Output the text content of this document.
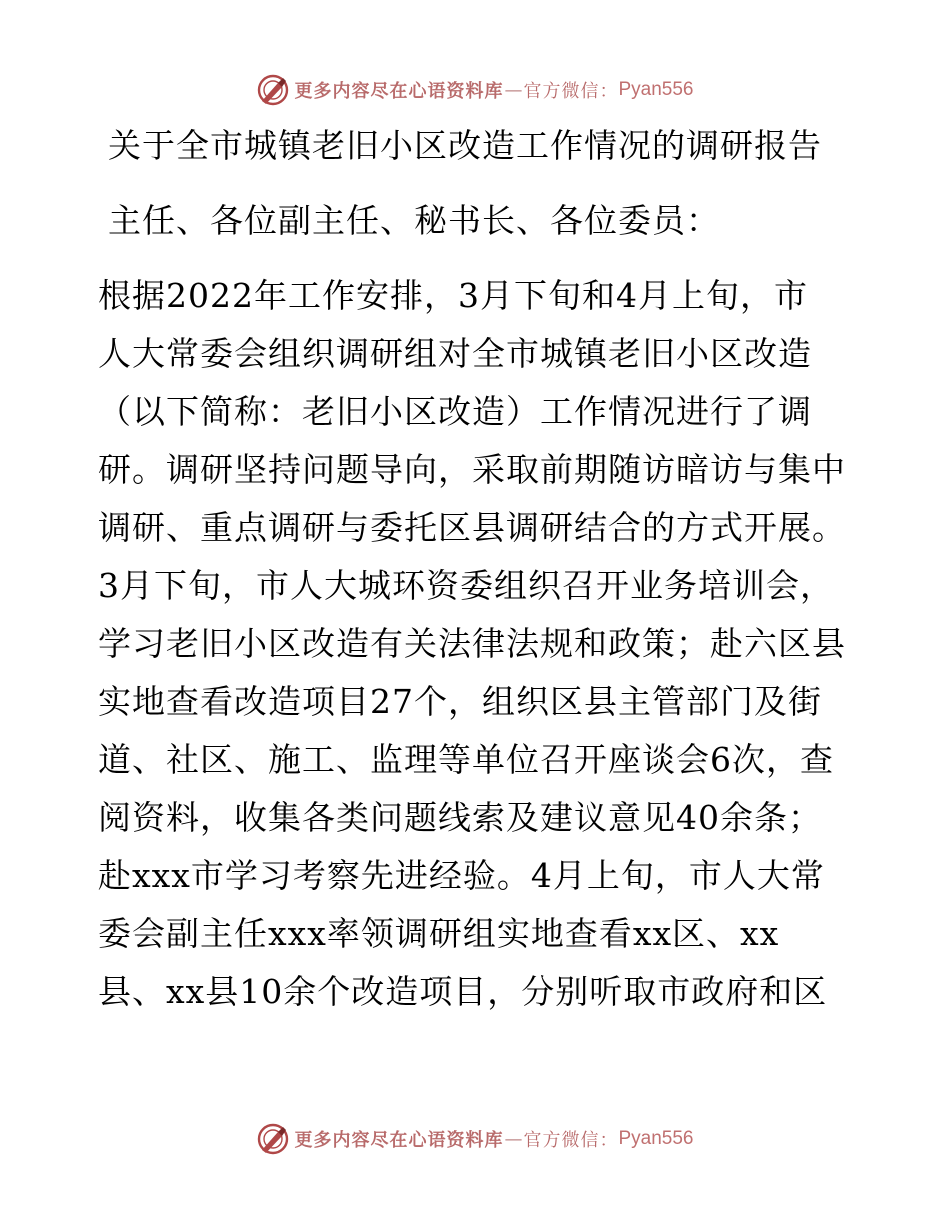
更多内容尽在心语资料库 — 官方微信： Pyan556
关于全市城镇老旧小区改造工作情况的调研报告

主任、各位副主任、秘书长、各位委员：

根据2022年工作安排，3月下旬和4月上旬，市

人大常委会组织调研组对全市城镇老旧小区改造

（以下简称：老旧小区改造）工作情况进行了调

研。调研坚持问题导向，采取前期随访暗访与集中

调研、重点调研与委托区县调研结合的方式开展。

3月下旬，市人大城环资委组织召开业务培训会，

学习老旧小区改造有关法律法规和政策；赴六区县

实地查看改造项目27个，组织区县主管部门及街

道、社区、施工、监理等单位召开座谈会6次，查

阅资料，收集各类问题线索及建议意见40余条；

赴xxx市学习考察先进经验。4月上旬，市人大常

委会副主任xxx率领调研组实地查看xx区、xx

县、xx县10余个改造项目，分别听取市政府和区

更多内容尽在心语资料库 — 官方微信： Pyan556
